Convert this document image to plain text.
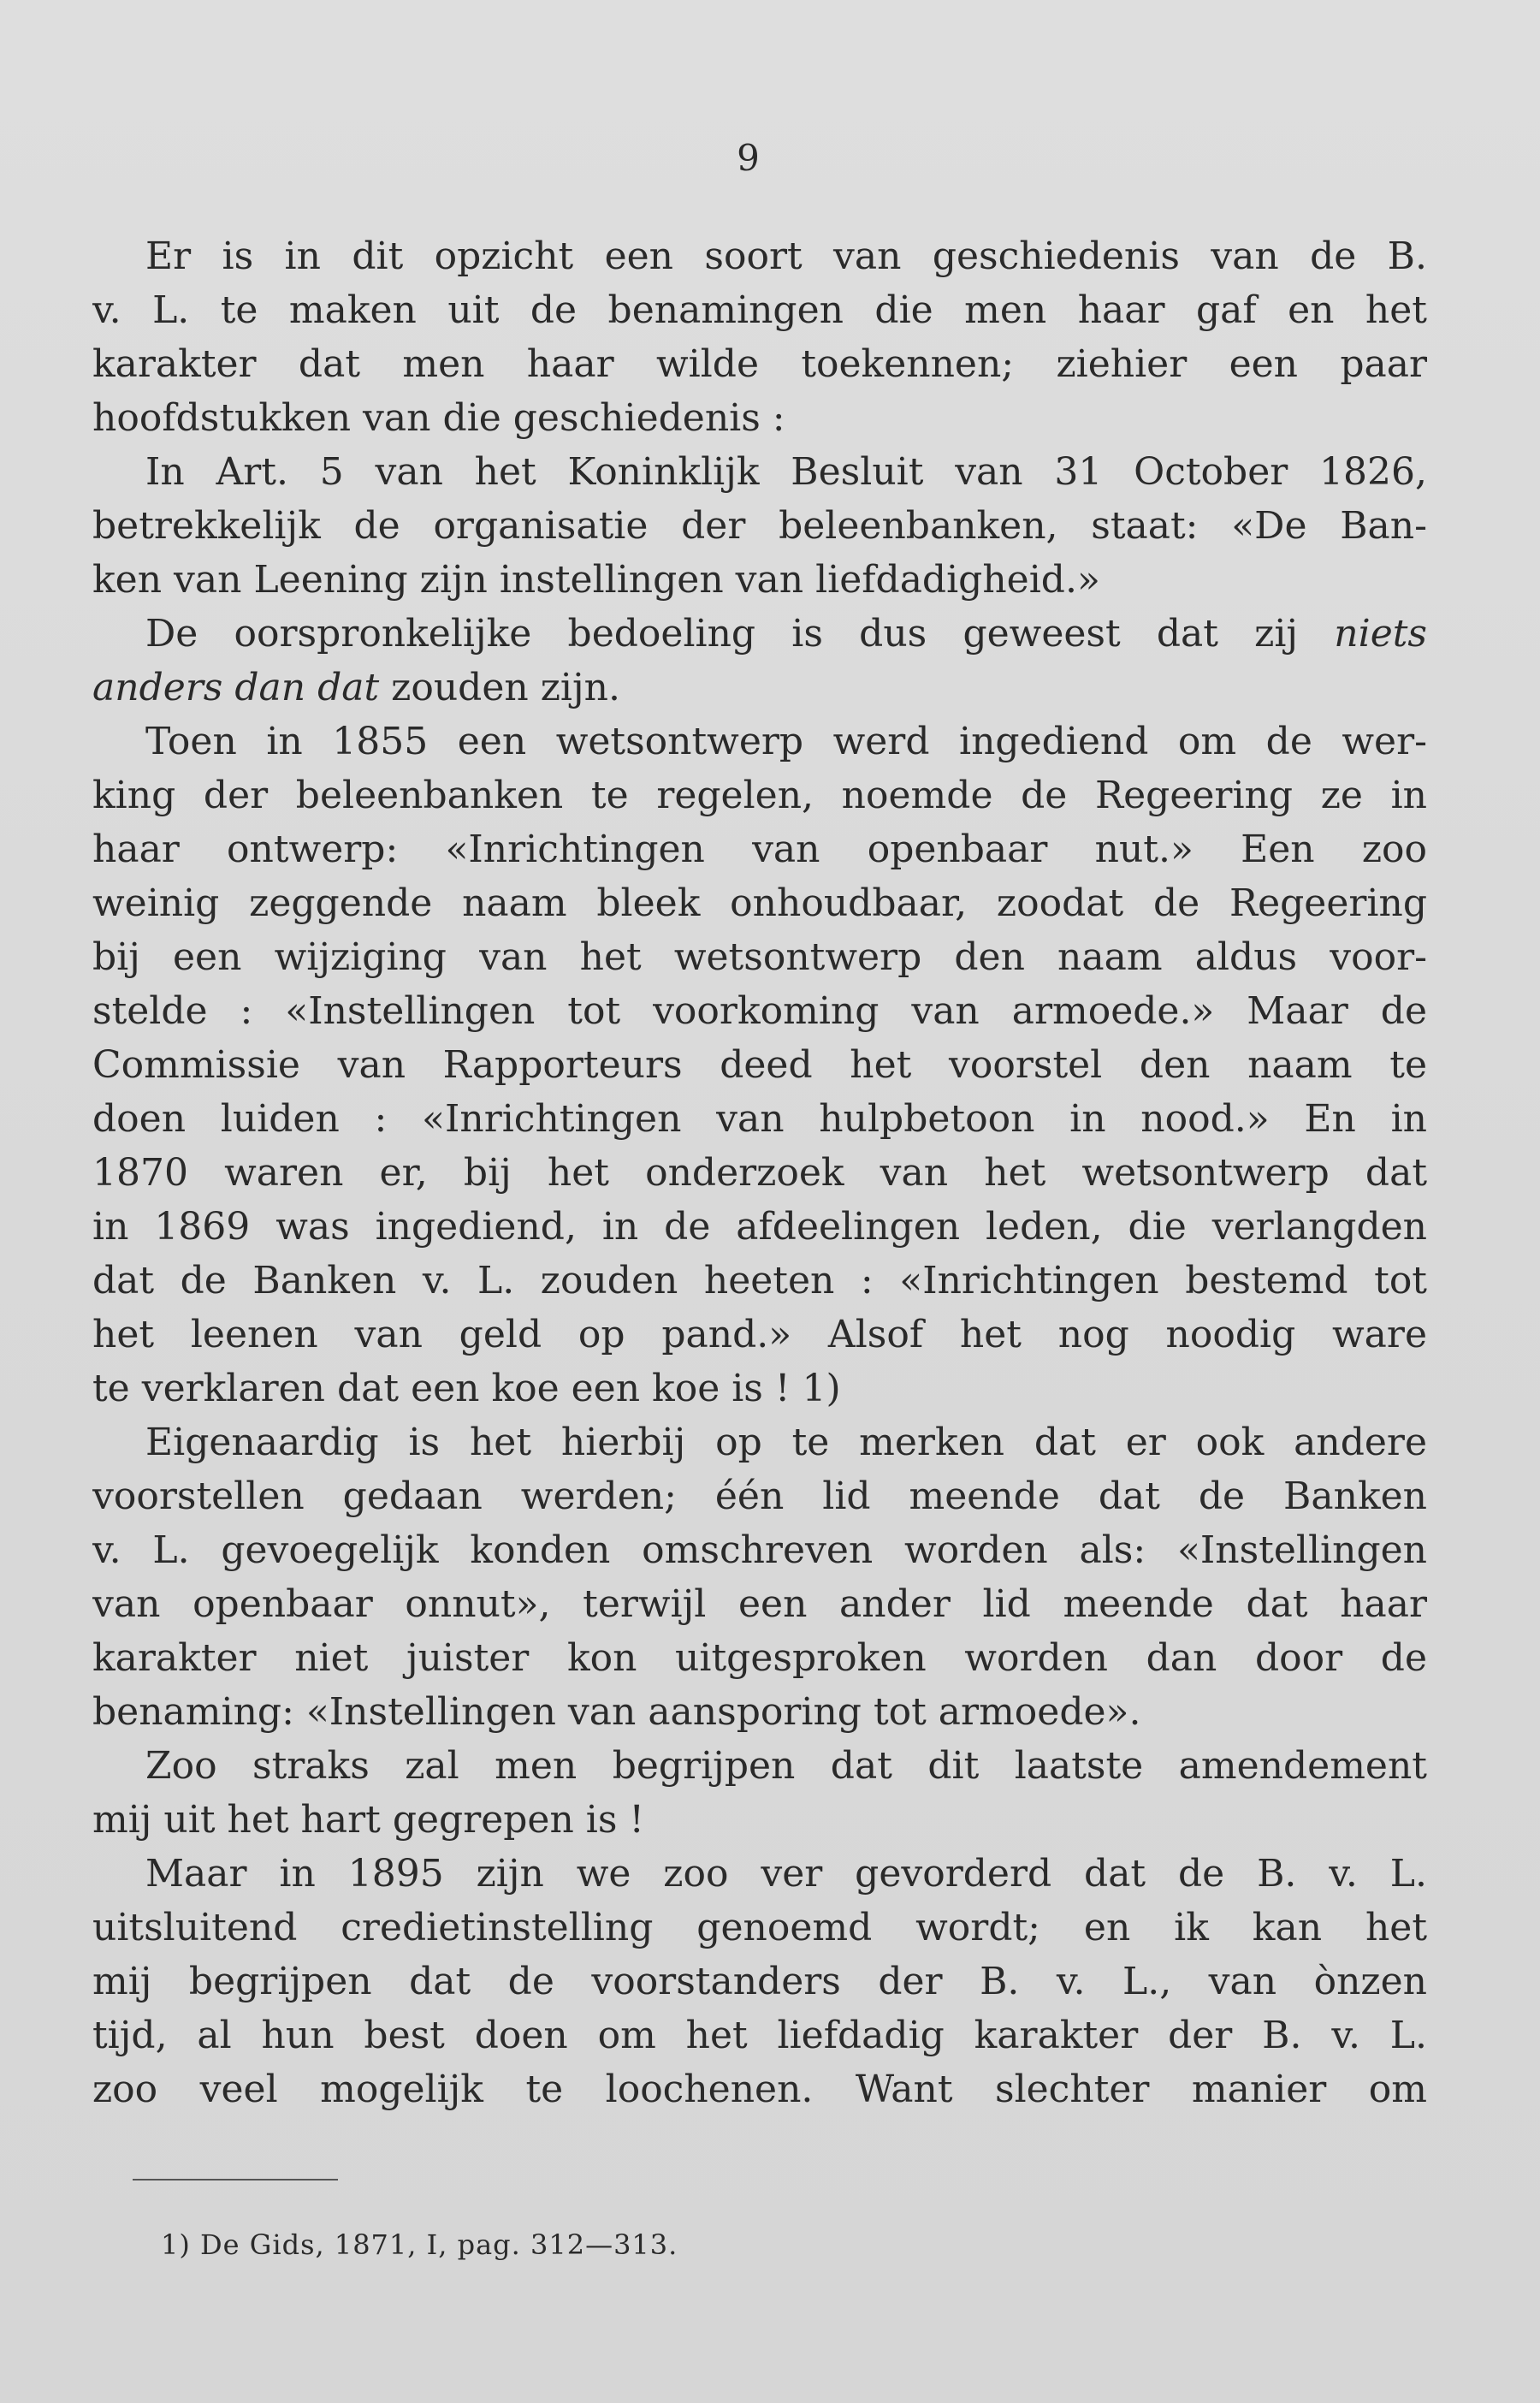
9
Er is in dit opzicht een soort van geschiedenis van de B.
v. L. te maken uit de benamingen die men haar gaf en het
karakter dat men haar wilde toekennen; ziehier een paar
hoofdstukken van die geschiedenis :
In Art. 5 van het Koninklijk Besluit van 31 October 1826,
betrekkelijk de organisatie der beleenbanken, staat: «De Ban-
ken van Leening zijn instellingen van liefdadigheid.»
De oorspronkelijke bedoeling is dus geweest dat zij niets
anders dan dat zouden zijn.
Toen in 1855 een wetsontwerp werd ingediend om de wer-
king der beleenbanken te regelen, noemde de Regeering ze in
haar ontwerp: «Inrichtingen van openbaar nut.» Een zoo
weinig zeggende naam bleek onhoudbaar, zoodat de Regeering
bij een wijziging van het wetsontwerp den naam aldus voor-
stelde : «Instellingen tot voorkoming van armoede.» Maar de
Commissie van Rapporteurs deed het voorstel den naam te
doen luiden : «Inrichtingen van hulpbetoon in nood.» En in
1870 waren er, bij het onderzoek van het wetsontwerp dat
in 1869 was ingediend, in de afdeelingen leden, die verlangden
dat de Banken v. L. zouden heeten : «Inrichtingen bestemd tot
het leenen van geld op pand.» Alsof het nog noodig ware
te verklaren dat een koe een koe is ! 1)
Eigenaardig is het hierbij op te merken dat er ook andere
voorstellen gedaan werden; één lid meende dat de Banken
v. L. gevoegelijk konden omschreven worden als: «Instellingen
van openbaar onnut», terwijl een ander lid meende dat haar
karakter niet juister kon uitgesproken worden dan door de
benaming: «Instellingen van aansporing tot armoede».
Zoo straks zal men begrijpen dat dit laatste amendement
mij uit het hart gegrepen is !
Maar in 1895 zijn we zoo ver gevorderd dat de B. v. L.
uitsluitend credietinstelling genoemd wordt; en ik kan het
mij begrijpen dat de voorstanders der B. v. L., van ònzen
tijd, al hun best doen om het liefdadig karakter der B. v. L.
zoo veel mogelijk te loochenen. Want slechter manier om
1) De Gids, 1871, I, pag. 312—313.
